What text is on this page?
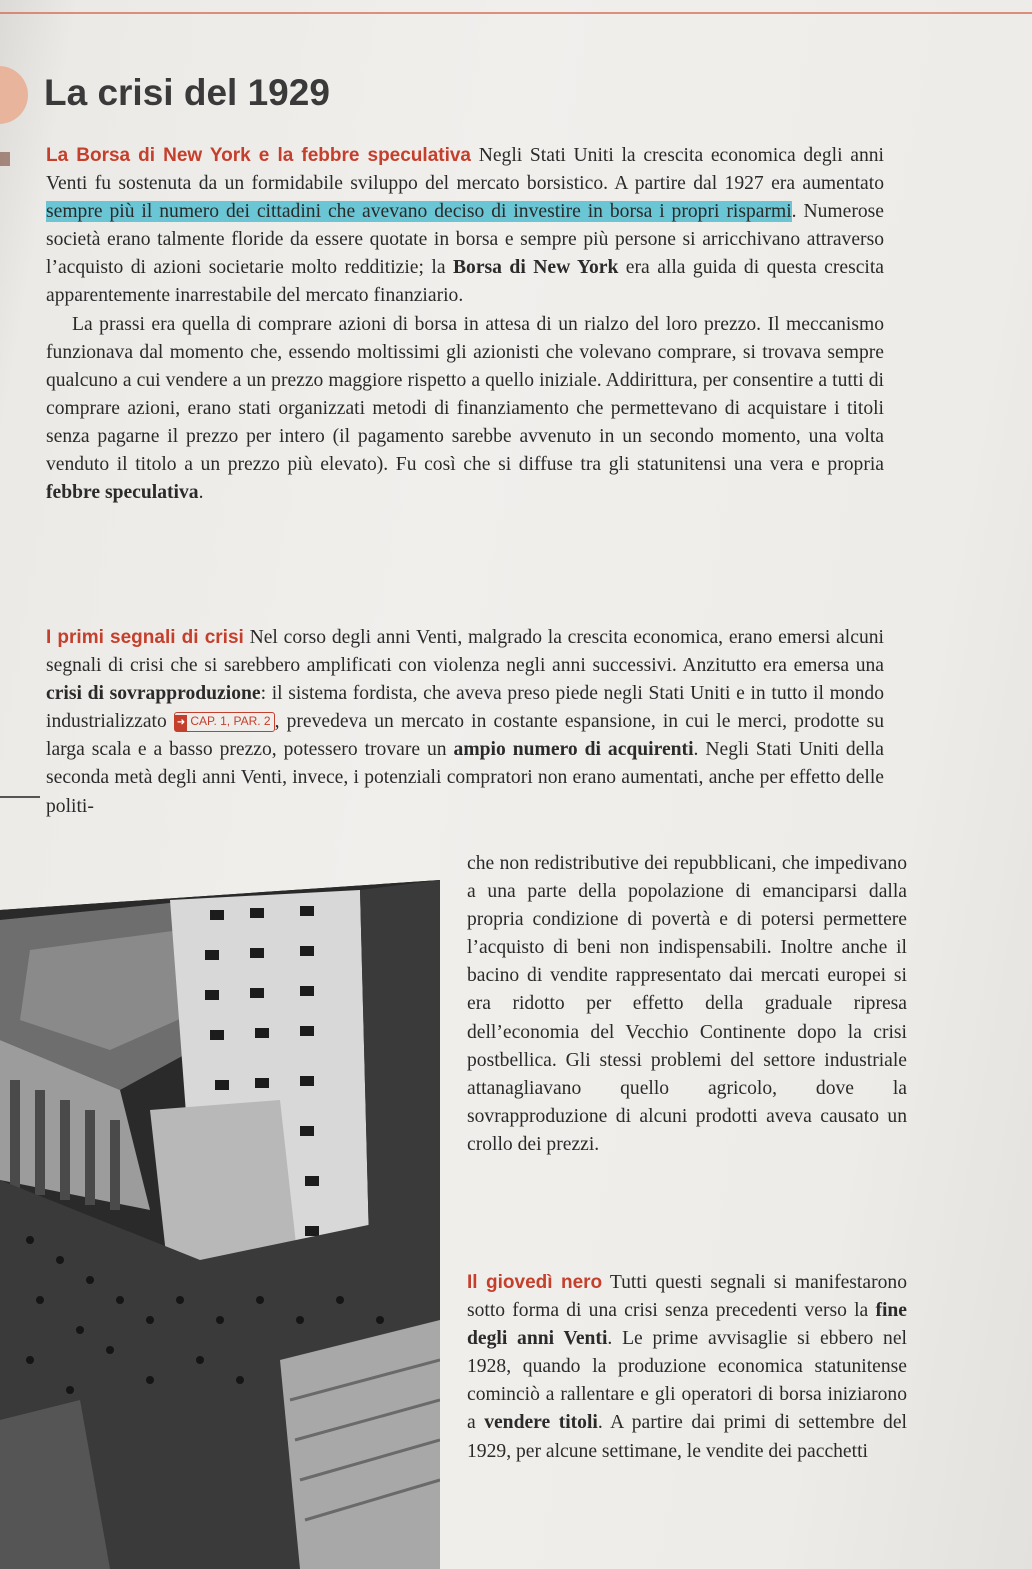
La crisi del 1929

La Borsa di New York e la febbre speculativa Negli Stati Uniti la crescita economica degli anni Venti fu sostenuta da un formidabile sviluppo del mercato borsistico. A partire dal 1927 era aumentato sempre più il numero dei cittadini che avevano deciso di investire in borsa i propri risparmi. Numerose società erano talmente floride da essere quotate in borsa e sempre più persone si arricchivano attraverso l’acquisto di azioni societarie molto redditizie; la Borsa di New York era alla guida di questa crescita apparentemente inarrestabile del mercato finanziario.

La prassi era quella di comprare azioni di borsa in attesa di un rialzo del loro prezzo. Il meccanismo funzionava dal momento che, essendo moltissimi gli azionisti che volevano comprare, si trovava sempre qualcuno a cui vendere a un prezzo maggiore rispetto a quello iniziale. Addirittura, per consentire a tutti di comprare azioni, erano stati organizzati metodi di finanziamento che permettevano di acquistare i titoli senza pagarne il prezzo per intero (il pagamento sarebbe avvenuto in un secondo momento, una volta venduto il titolo a un prezzo più elevato). Fu così che si diffuse tra gli statunitensi una vera e propria febbre speculativa.

I primi segnali di crisi Nel corso degli anni Venti, malgrado la crescita economica, erano emersi alcuni segnali di crisi che si sarebbero amplificati con violenza negli anni successivi. Anzitutto era emersa una crisi di sovrapproduzione: il sistema fordista, che aveva preso piede negli Stati Uniti e in tutto il mondo industrializzato ➜ CAP. 1, PAR. 2 , prevedeva un mercato in costante espansione, in cui le merci, prodotte su larga scala e a basso prezzo, potessero trovare un ampio numero di acquirenti. Negli Stati Uniti della seconda metà degli anni Venti, invece, i potenziali compratori non erano aumentati, anche per effetto delle politi-

che non redistributive dei repubblicani, che impedivano a una parte della popolazione di emanciparsi dalla propria condizione di povertà e di potersi permettere l’acquisto di beni non indispensabili. Inoltre anche il bacino di vendite rappresentato dai mercati europei si era ridotto per effetto della graduale ripresa dell’economia del Vecchio Continente dopo la crisi postbellica. Gli stessi problemi del settore industriale attanagliavano quello agricolo, dove la sovrapproduzione di alcuni prodotti aveva causato un crollo dei prezzi.

Il giovedì nero Tutti questi segnali si manifestarono sotto forma di una crisi senza precedenti verso la fine degli anni Venti. Le prime avvisaglie si ebbero nel 1928, quando la produzione economica statunitense cominciò a rallentare e gli operatori di borsa iniziarono a vendere titoli. A partire dai primi di settembre del 1929, per alcune settimane, le vendite dei pacchetti
